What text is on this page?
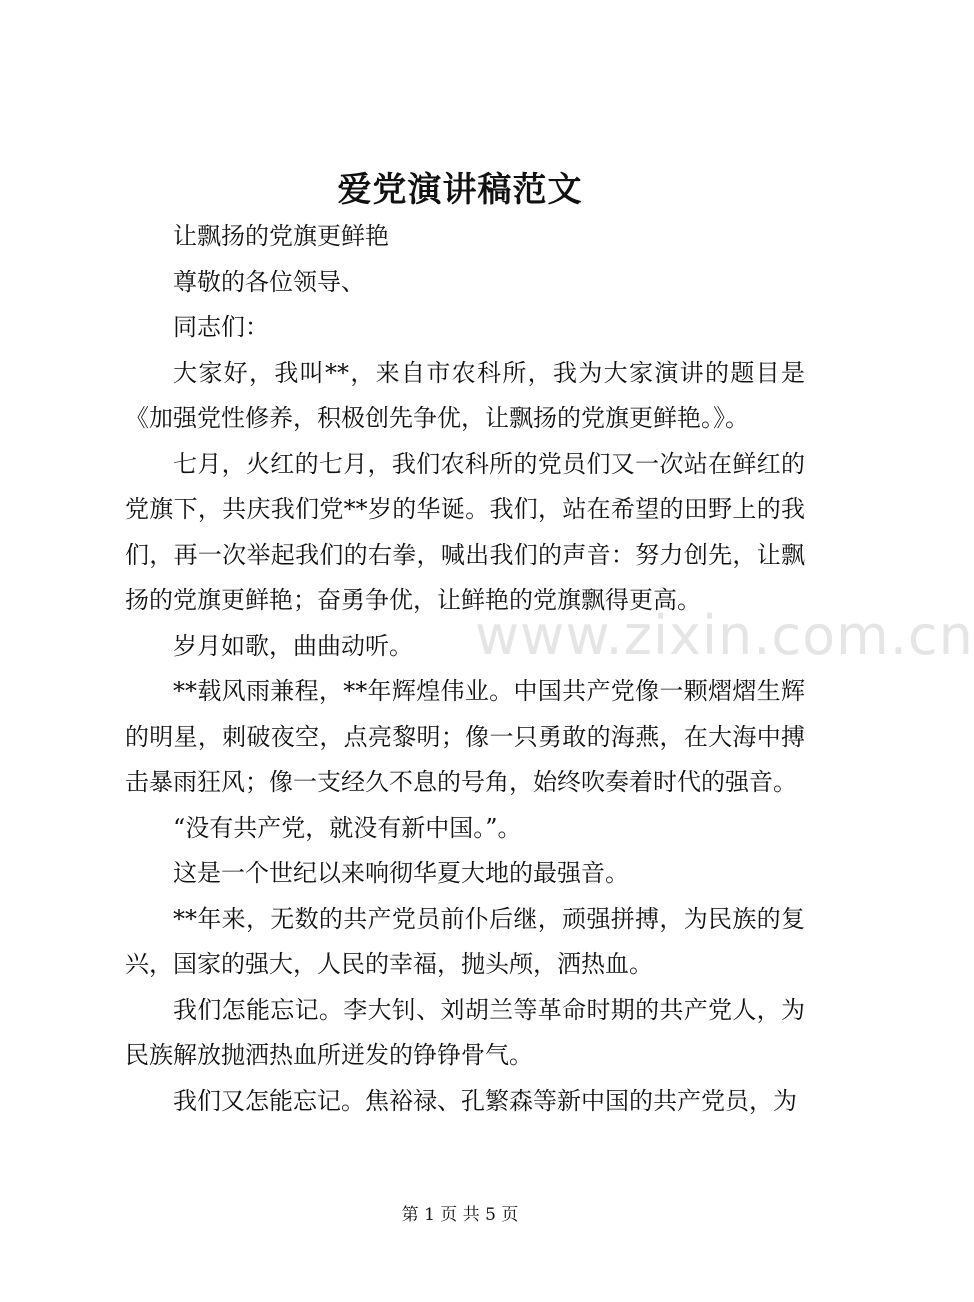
爱党演讲稿范文

让飘扬的党旗更鲜艳

尊敬的各位领导、

同志们：

大家好，我叫**，来自市农科所，我为大家演讲的题目是《加强党性修养，积极创先争优，让飘扬的党旗更鲜艳。》。

七月，火红的七月，我们农科所的党员们又一次站在鲜红的党旗下，共庆我们党**岁的华诞。我们，站在希望的田野上的我们，再一次举起我们的右拳，喊出我们的声音：努力创先，让飘扬的党旗更鲜艳；奋勇争优，让鲜艳的党旗飘得更高。

岁月如歌，曲曲动听。

**载风雨兼程，**年辉煌伟业。中国共产党像一颗熠熠生辉的明星，刺破夜空，点亮黎明；像一只勇敢的海燕，在大海中搏击暴雨狂风；像一支经久不息的号角，始终吹奏着时代的强音。

“没有共产党，就没有新中国。”。

这是一个世纪以来响彻华夏大地的最强音。

**年来，无数的共产党员前仆后继，顽强拼搏，为民族的复兴，国家的强大，人民的幸福，抛头颅，洒热血。

我们怎能忘记。李大钊、刘胡兰等革命时期的共产党人，为民族解放抛洒热血所迸发的铮铮骨气。

我们又怎能忘记。焦裕禄、孔繁森等新中国的共产党员，为

www.zixin.com.cn
第 1 页 共 5 页
